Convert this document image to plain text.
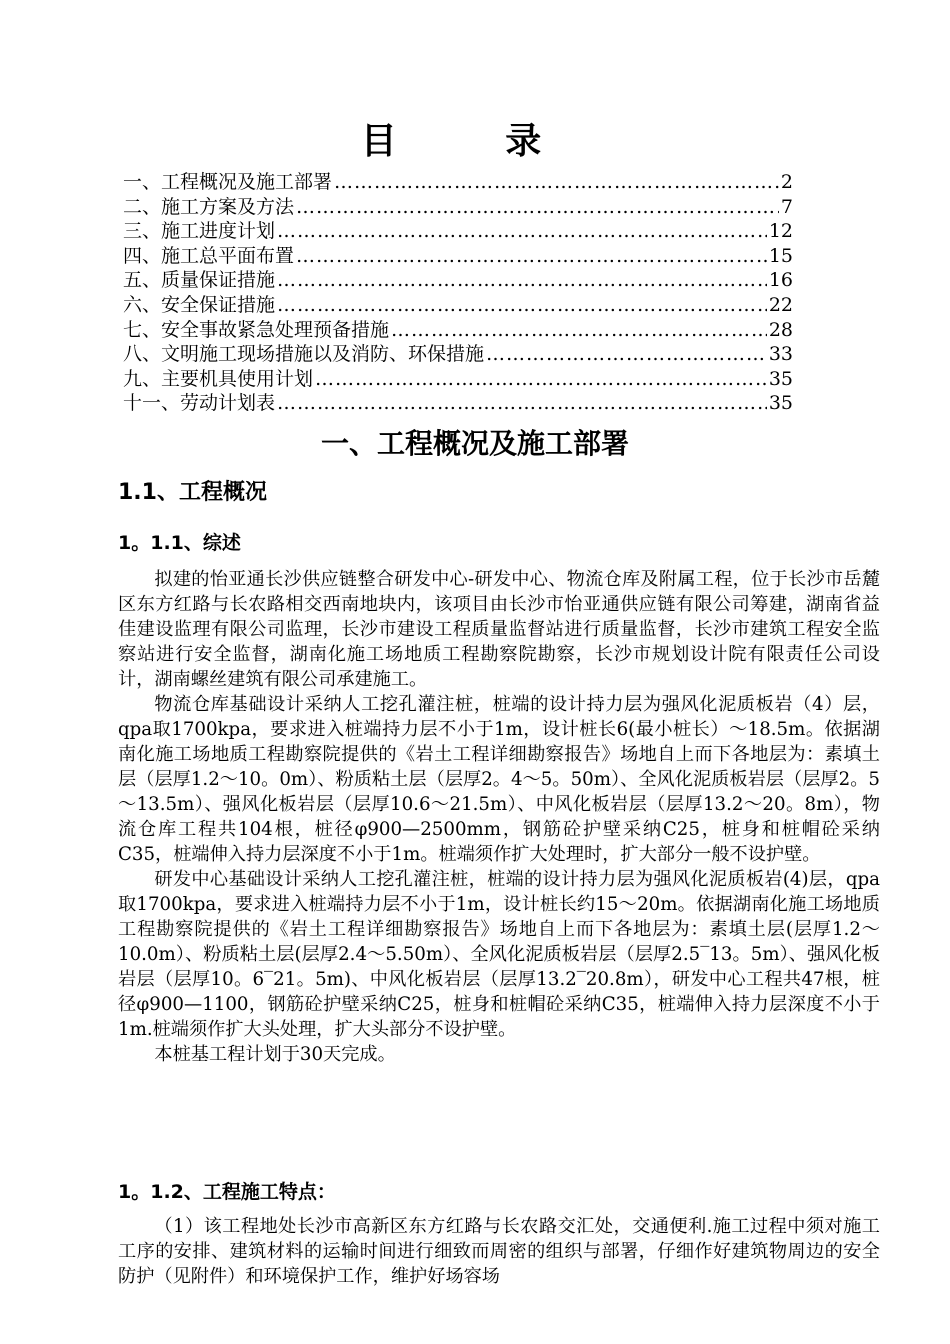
目 录
一、工程概况及施工部署 ……………………………………………………………………………………………………………………………………………	2
二、施工方案及方法 ……………………………………………………………………………………………………………………………………………	7
三、施工进度计划 ……………………………………………………………………………………………………………………………………………	12
四、施工总平面布置 ……………………………………………………………………………………………………………………………………………	15
五、质量保证措施 ……………………………………………………………………………………………………………………………………………	16
六、安全保证措施 ……………………………………………………………………………………………………………………………………………	22
七、安全事故紧急处理预备措施 ……………………………………………………………………………………………………………………………………………	28
八、文明施工现场措施以及消防、环保措施 ……………………………………………………………………………………………………………………………………………	33
九、主要机具使用计划 ……………………………………………………………………………………………………………………………………………	35
十一、劳动计划表 ……………………………………………………………………………………………………………………………………………	35
一、工程概况及施工部署
1.1、工程概况
1。1.1、综述

拟建的怡亚通长沙供应链整合研发中心-研发中心、物流仓库及附属工程，位于长沙市岳麓区东方红路与长农路相交西南地块内，该项目由长沙市怡亚通供应链有限公司筹建，湖南省益佳建设监理有限公司监理，长沙市建设工程质量监督站进行质量监督，长沙市建筑工程安全监察站进行安全监督，湖南化施工场地质工程勘察院勘察，长沙市规划设计院有限责任公司设计，湖南螺丝建筑有限公司承建施工。

物流仓库基础设计采纳人工挖孔灌注桩，桩端的设计持力层为强风化泥质板岩（4）层，qpa取1700kpa，要求进入桩端持力层不小于1m，设计桩长6(最小桩长）～18.5m。依据湖南化施工场地质工程勘察院提供的《岩土工程详细勘察报告》场地自上而下各地层为：素填土层（层厚1.2～10。0m）、粉质粘土层（层厚2。4～5。50m）、全风化泥质板岩层（层厚2。5～13.5m）、强风化板岩层（层厚10.6～21.5m）、中风化板岩层（层厚13.2～20。8m），物流仓库工程共104根，桩径φ900—2500mm，钢筋砼护壁采纳C25，桩身和桩帽砼采纳C35，桩端伸入持力层深度不小于1m。桩端须作扩大处理时，扩大部分一般不设护壁。

研发中心基础设计采纳人工挖孔灌注桩，桩端的设计持力层为强风化泥质板岩(4)层，qpa取1700kpa，要求进入桩端持力层不小于1m，设计桩长约15～20m。依据湖南化施工场地质工程勘察院提供的《岩土工程详细勘察报告》场地自上而下各地层为：素填土层(层厚1.2～10.0m）、粉质粘土层(层厚2.4～5.50m）、全风化泥质板岩层（层厚2.5‾13。5m）、强风化板岩层（层厚10。6‾21。5m)、中风化板岩层（层厚13.2‾20.8m），研发中心工程共47根，桩径φ900—1100，钢筋砼护壁采纳C25，桩身和桩帽砼采纳C35，桩端伸入持力层深度不小于1m.桩端须作扩大头处理，扩大头部分不设护壁。

本桩基工程计划于30天完成。

1。1.2、工程施工特点：

（1）该工程地处长沙市高新区东方红路与长农路交汇处，交通便利.施工过程中须对施工工序的安排、建筑材料的运输时间进行细致而周密的组织与部署，仔细作好建筑物周边的安全防护（见附件）和环境保护工作，维护好场容场
